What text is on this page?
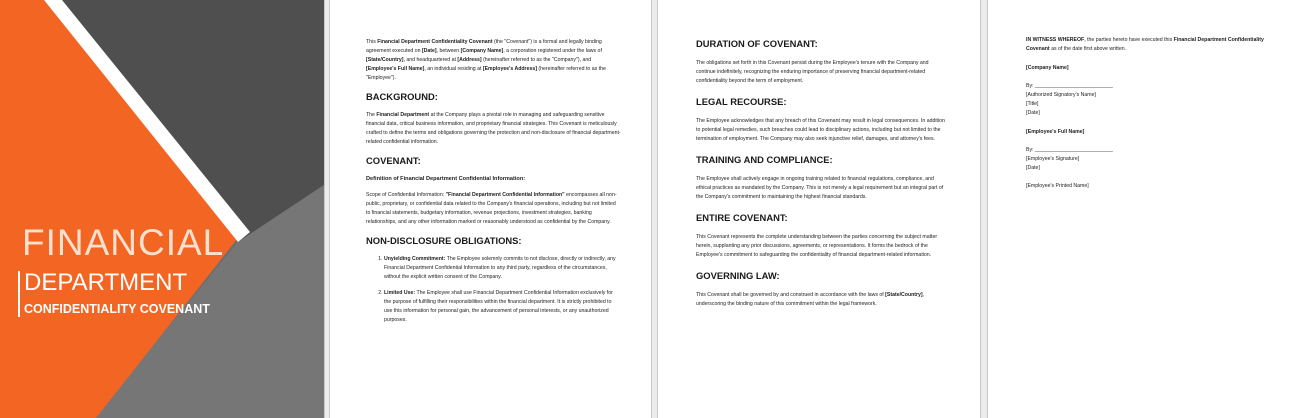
FINANCIAL
DEPARTMENT
CONFIDENTIALITY COVENANT

This Financial Department Confidentiality Covenant (the "Covenant") is a formal and legally binding agreement executed on [Date], between [Company Name], a corporation registered under the laws of [State/Country], and headquartered at [Address] (hereinafter referred to as the "Company"), and [Employee's Full Name], an individual residing at [Employee's Address] (hereinafter referred to as the "Employee").

BACKGROUND:

The Financial Department at the Company plays a pivotal role in managing and safeguarding sensitive financial data, critical business information, and proprietary financial strategies. This Covenant is meticulously crafted to define the terms and obligations governing the protection and non-disclosure of financial department-related confidential information.

COVENANT:
Definition of Financial Department Confidential Information:

Scope of Confidential Information: "Financial Department Confidential Information" encompasses all non-public, proprietary, or confidential data related to the Company's financial operations, including but not limited to financial statements, budgetary information, revenue projections, investment strategies, banking relationships, and any other information marked or reasonably understood as confidential by the Company.

NON-DISCLOSURE OBLIGATIONS:
1. Unyielding Commitment: The Employee solemnly commits to not disclose, directly or indirectly, any Financial Department Confidential Information to any third party, regardless of the circumstances, without the explicit written consent of the Company.
2. Limited Use: The Employee shall use Financial Department Confidential Information exclusively for the purpose of fulfilling their responsibilities within the financial department. It is strictly prohibited to use this information for personal gain, the advancement of personal interests, or any unauthorized purposes.
DURATION OF COVENANT:

The obligations set forth in this Covenant persist during the Employee's tenure with the Company and continue indefinitely, recognizing the enduring importance of preserving financial department-related confidentiality beyond the term of employment.

LEGAL RECOURSE:

The Employee acknowledges that any breach of this Covenant may result in legal consequences. In addition to potential legal remedies, such breaches could lead to disciplinary actions, including but not limited to the termination of employment. The Company may also seek injunctive relief, damages, and attorney's fees.

TRAINING AND COMPLIANCE:

The Employee shall actively engage in ongoing training related to financial regulations, compliance, and ethical practices as mandated by the Company. This is not merely a legal requirement but an integral part of the Company's commitment to maintaining the highest financial standards.

ENTIRE COVENANT:

This Covenant represents the complete understanding between the parties concerning the subject matter herein, supplanting any prior discussions, agreements, or representations. It forms the bedrock of the Employee's commitment to safeguarding the confidentiality of financial department-related information.

GOVERNING LAW:

This Covenant shall be governed by and construed in accordance with the laws of [State/Country], underscoring the binding nature of this commitment within the legal framework.

IN WITNESS WHEREOF, the parties hereto have executed this Financial Department Confidentiality Covenant as of the date first above written.

[Company Name]

By: ___________________________
[Authorized Signatory's Name]
[Title]
[Date]

[Employee's Full Name]

By: ___________________________
[Employee's Signature]
[Date]

[Employee's Printed Name]
